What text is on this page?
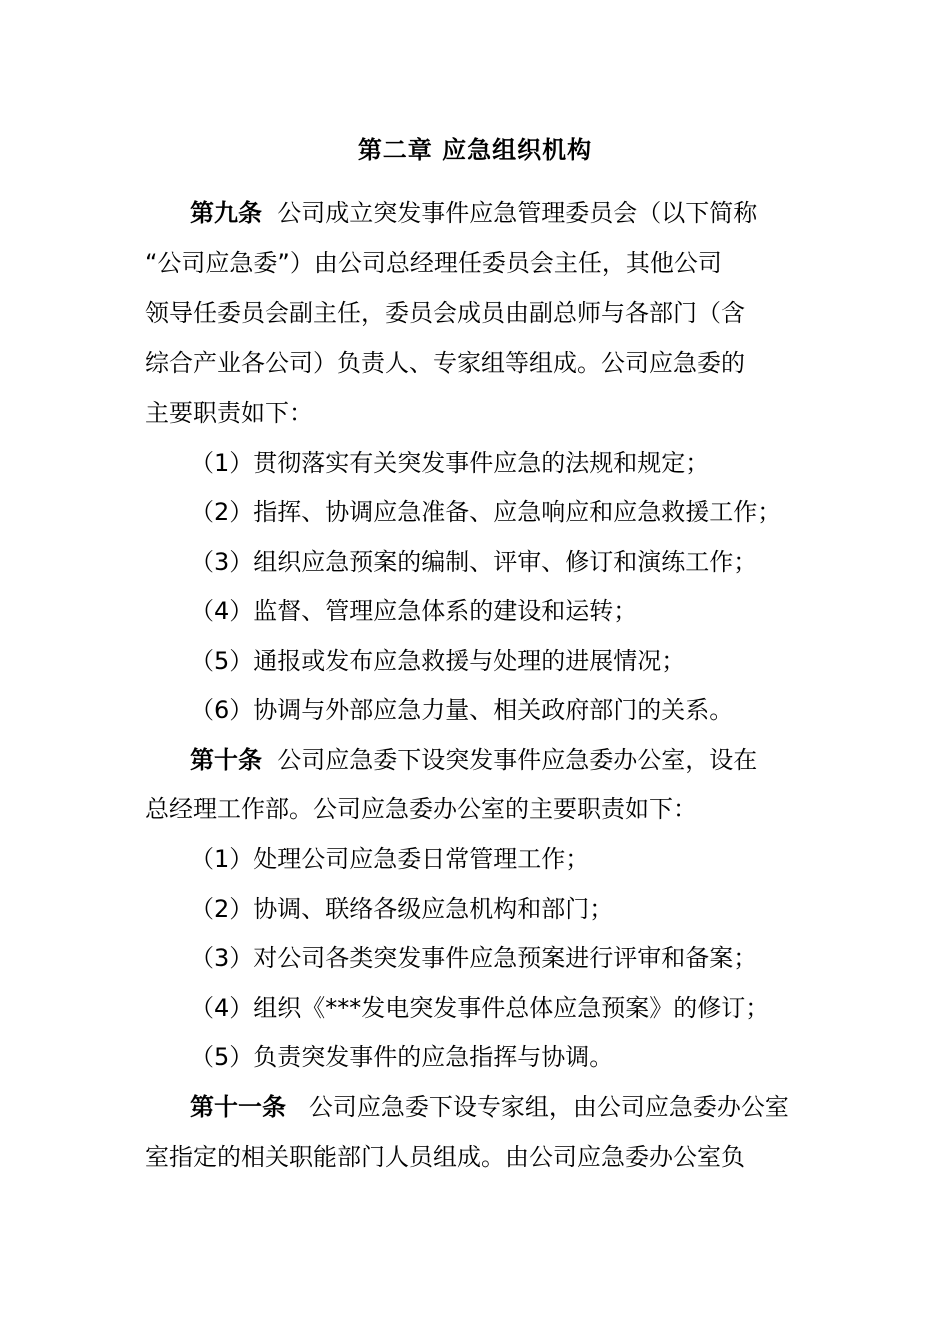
第二章 应急组织机构
第九条 公司成立突发事件应急管理委员会（以下简称
“公司应急委”）由公司总经理任委员会主任，其他公司
领导任委员会副主任，委员会成员由副总师与各部门（含
综合产业各公司）负责人、专家组等组成。公司应急委的
主要职责如下：
（1）贯彻落实有关突发事件应急的法规和规定；
（2）指挥、协调应急准备、应急响应和应急救援工作；
（3）组织应急预案的编制、评审、修订和演练工作；
（4）监督、管理应急体系的建设和运转；
（5）通报或发布应急救援与处理的进展情况；
（6）协调与外部应急力量、相关政府部门的关系。
第十条 公司应急委下设突发事件应急委办公室，设在
总经理工作部。公司应急委办公室的主要职责如下：
（1）处理公司应急委日常管理工作；
（2）协调、联络各级应急机构和部门；
（3）对公司各类突发事件应急预案进行评审和备案；
（4）组织《***发电突发事件总体应急预案》的修订；
（5）负责突发事件的应急指挥与协调。
第十一条 公司应急委下设专家组，由公司应急委办公室
室指定的相关职能部门人员组成。由公司应急委办公室负
